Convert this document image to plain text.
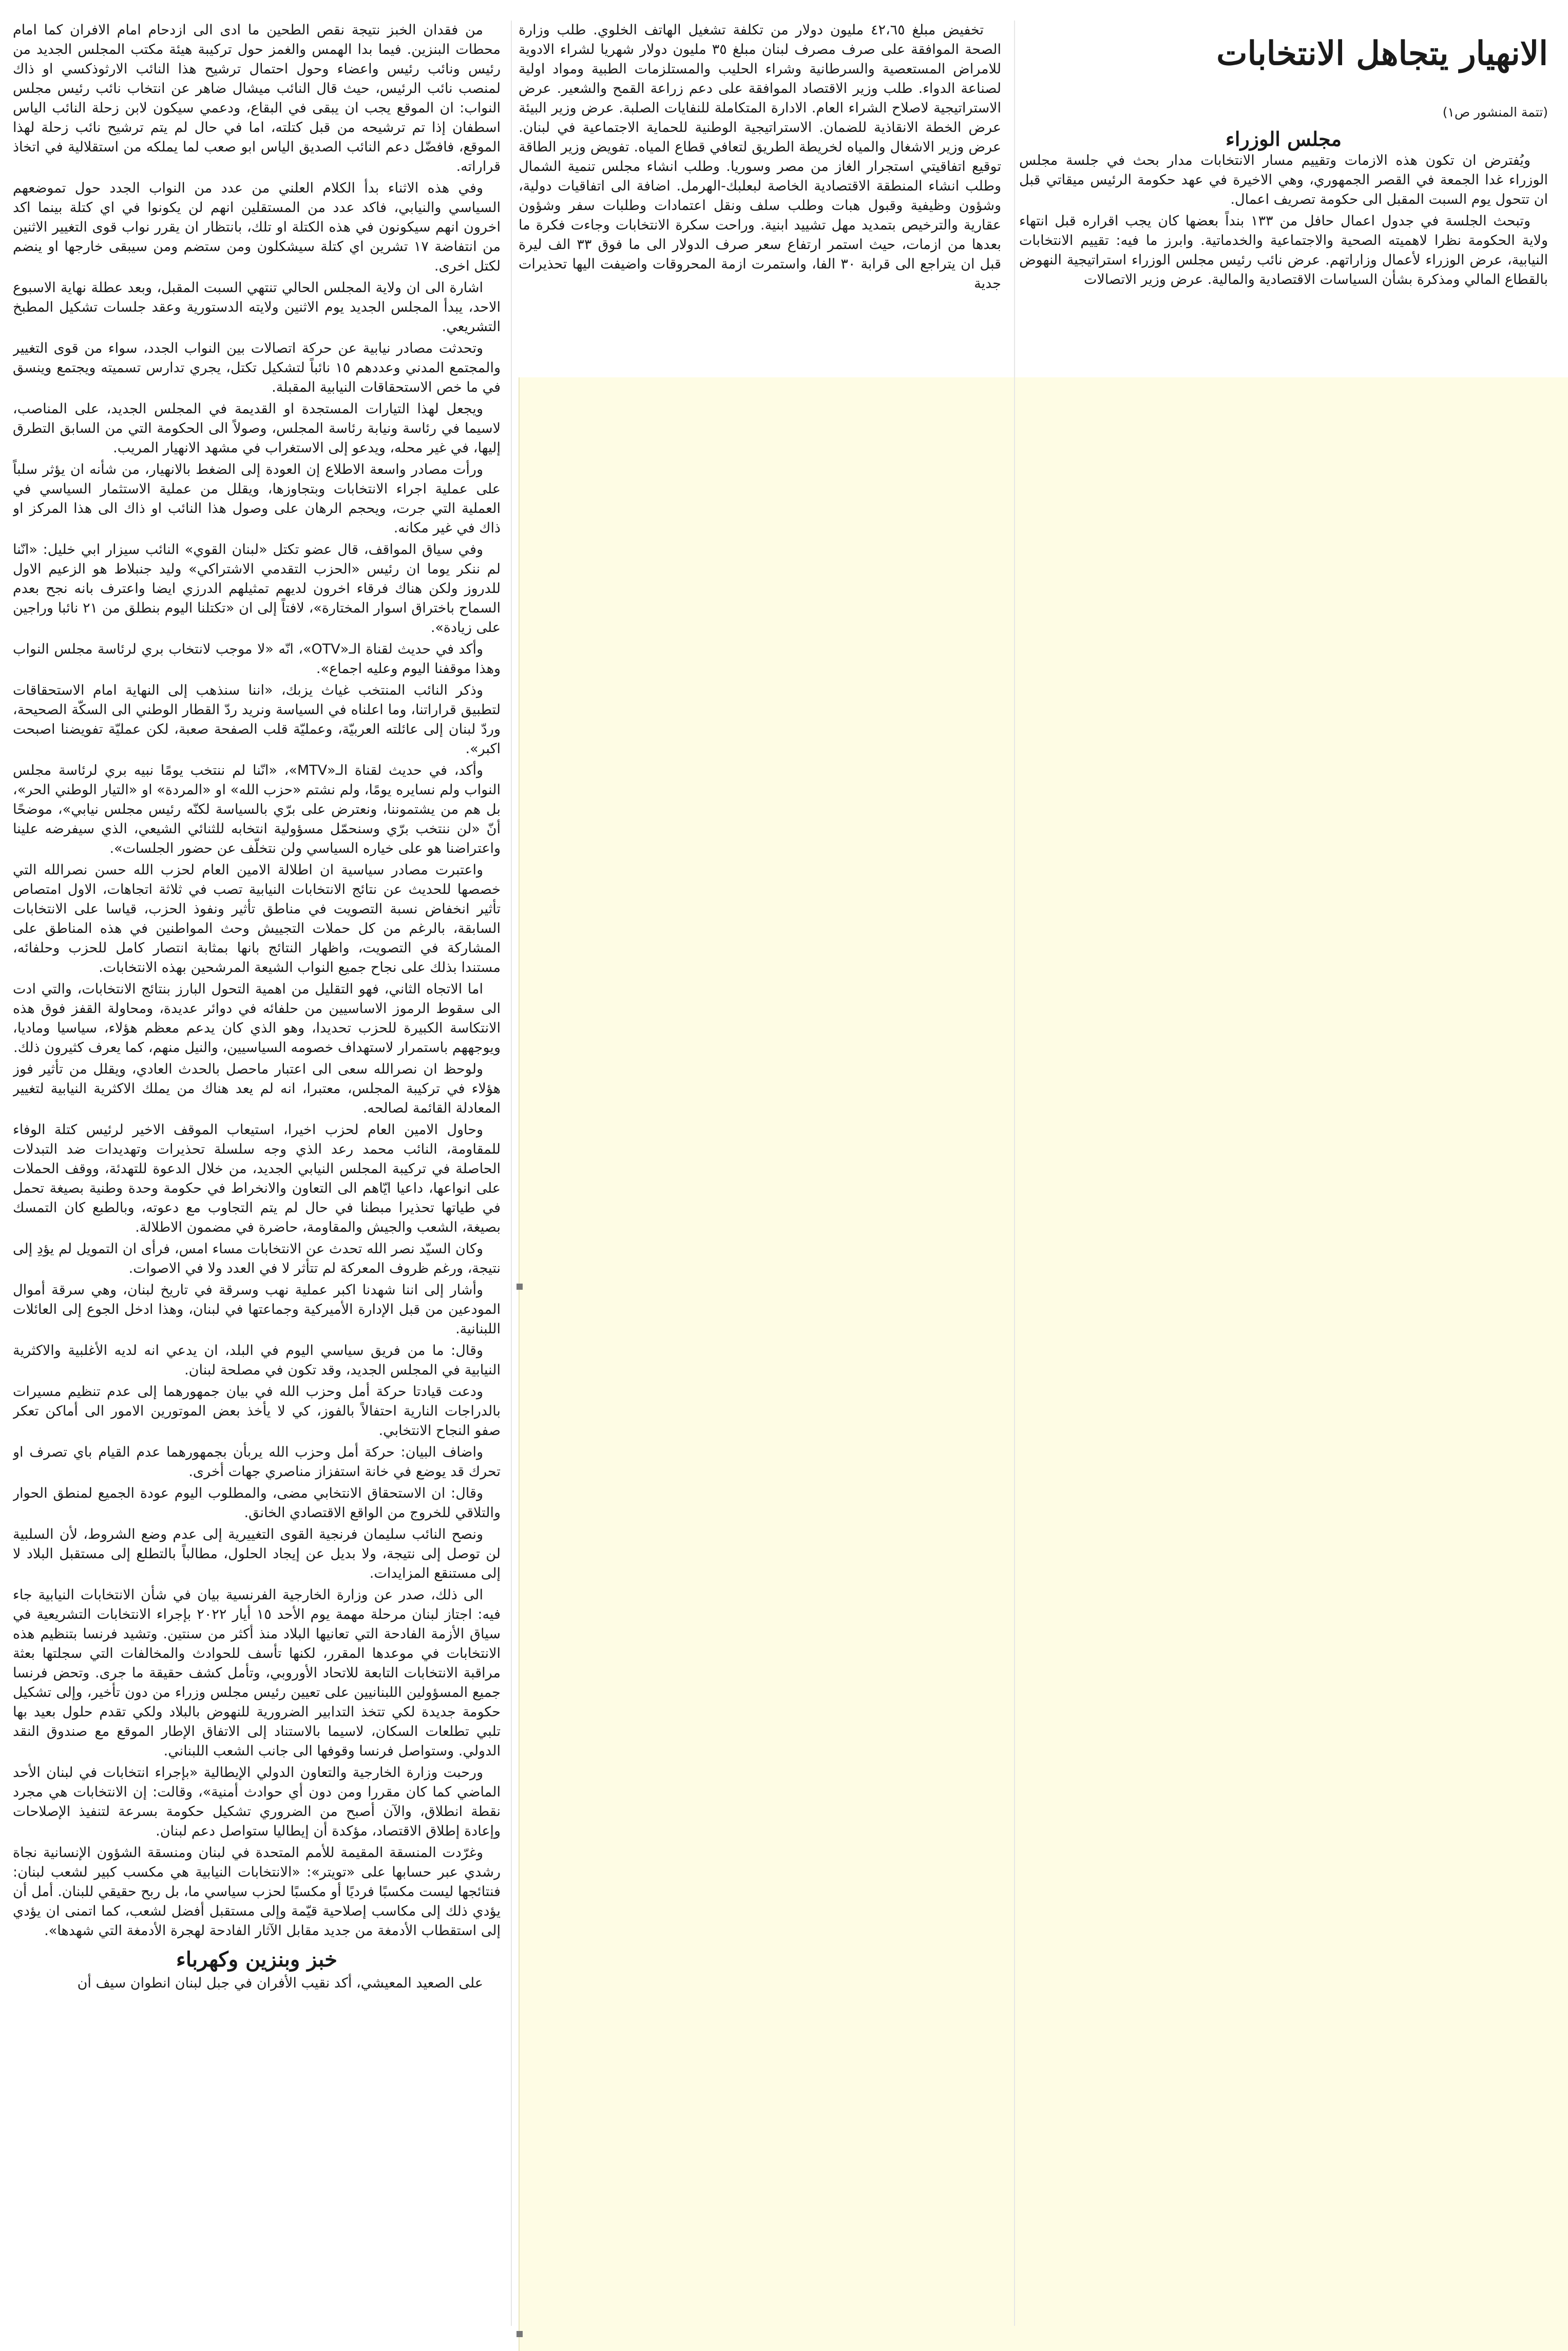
الانهيار يتجاهل الانتخابات
(تتمة المنشور ص١)

مجلس الوزراء

ويُفترض ان تكون هذه الازمات وتقييم مسار الانتخابات مدار بحث في جلسة مجلس الوزراء غدا الجمعة في القصر الجمهوري، وهي الاخيرة في عهد حكومة الرئيس ميقاتي قبل ان تتحول يوم السبت المقبل الى حكومة تصريف اعمال.

وتبحث الجلسة في جدول اعمال حافل من ١٣٣ بنداً بعضها كان يجب اقراره قبل انتهاء ولاية الحكومة نظرا لاهميته الصحية والاجتماعية والخدماتية. وابرز ما فيه: تقييم الانتخابات النيابية، عرض الوزراء لأعمال وزاراتهم. عرض نائب رئيس مجلس الوزراء استراتيجية النهوض بالقطاع المالي ومذكرة بشأن السياسات الاقتصادية والمالية. عرض وزير الاتصالات

تخفيض مبلغ ٤٢،٦٥ مليون دولار من تكلفة تشغيل الهاتف الخلوي. طلب وزارة الصحة الموافقة على صرف مصرف لبنان مبلغ ٣٥ مليون دولار شهريا لشراء الادوية للامراض المستعصية والسرطانية وشراء الحليب والمستلزمات الطبية ومواد اولية لصناعة الدواء. طلب وزير الاقتصاد الموافقة على دعم زراعة القمح والشعير. عرض الاستراتيجية لاصلاح الشراء العام. الادارة المتكاملة للنفايات الصلبة. عرض وزير البيئة عرض الخطة الانقاذية للضمان. الاستراتيجية الوطنية للحماية الاجتماعية في لبنان. عرض وزير الاشغال والمياه لخريطة الطريق لتعافي قطاع المياه. تفويض وزير الطاقة توقيع اتفاقيتي استجرار الغاز من مصر وسوريا. وطلب انشاء مجلس تنمية الشمال وطلب انشاء المنطقة الاقتصادية الخاصة لبعلبك-الهرمل. اضافة الى اتفاقيات دولية، وشؤون وظيفية وقبول هبات وطلب سلف ونقل اعتمادات وطلبات سفر وشؤون عقارية والترخيص بتمديد مهل تشييد ابنية. وراحت سكرة الانتخابات وجاءت فكرة ما بعدها من ازمات، حيث استمر ارتفاع سعر صرف الدولار الى ما فوق ٣٣ الف ليرة قبل ان يتراجع الى قرابة ٣٠ الفا، واستمرت ازمة المحروقات واضيفت اليها تحذيرات جدية

من فقدان الخبز نتيجة نقص الطحين ما ادى الى ازدحام امام الافران كما امام محطات البنزين. فيما بدا الهمس والغمز حول تركيبة هيئة مكتب المجلس الجديد من رئيس ونائب رئيس واعضاء وحول احتمال ترشيح هذا النائب الارثوذكسي او ذاك لمنصب نائب الرئيس، حيث قال النائب ميشال ضاهر عن انتخاب نائب رئيس مجلس النواب: ان الموقع يجب ان يبقى في البقاع، ودعمي سيكون لابن زحلة النائب الياس اسطفان إذا تم ترشيحه من قبل كتلته، اما في حال لم يتم ترشيح نائب زحلة لهذا الموقع، فافضّل دعم النائب الصديق الياس ابو صعب لما يملكه من استقلالية في اتخاذ قراراته.

وفي هذه الاثناء بدأ الكلام العلني من عدد من النواب الجدد حول تموضعهم السياسي والنيابي، فاكد عدد من المستقلين انهم لن يكونوا في اي كتلة بينما اكد اخرون انهم سيكونون في هذه الكتلة او تلك، بانتظار ان يقرر نواب قوى التغيير الاثنين من انتفاضة ١٧ تشرين اي كتلة سيشكلون ومن ستضم ومن سيبقى خارجها او ينضم لكتل اخرى.

اشارة الى ان ولاية المجلس الحالي تنتهي السبت المقبل، وبعد عطلة نهاية الاسبوع الاحد، يبدأ المجلس الجديد يوم الاثنين ولايته الدستورية وعقد جلسات تشكيل المطبخ التشريعي.

وتحدثت مصادر نيابية عن حركة اتصالات بين النواب الجدد، سواء من قوى التغيير والمجتمع المدني وعددهم ١٥ نائباً لتشكيل تكتل، يجري تدارس تسميته ويجتمع وينسق في ما خص الاستحقاقات النيابية المقبلة.

ويجعل لهذا التيارات المستجدة او القديمة في المجلس الجديد، على المناصب، لاسيما في رئاسة ونيابة رئاسة المجلس، وصولاً الى الحكومة التي من السابق التطرق إليها، في غير محله، ويدعو إلى الاستغراب في مشهد الانهيار المريب.

ورأت مصادر واسعة الاطلاع إن العودة إلى الضغط بالانهيار، من شأنه ان يؤثر سلباً على عملية اجراء الانتخابات وبتجاوزها، ويقلل من عملية الاستثمار السياسي في العملية التي جرت، ويحجم الرهان على وصول هذا النائب او ذاك الى هذا المركز او ذاك في غير مكانه.

وفي سياق المواقف، قال عضو تكتل «لبنان القوي» النائب سيزار ابي خليل: «انّنا لم ننكر يوما ان رئيس «الحزب التقدمي الاشتراكي» وليد جنبلاط هو الزعيم الاول للدروز ولكن هناك فرقاء اخرون لديهم تمثيلهم الدرزي ايضا واعترف بانه نجح بعدم السماح باختراق اسوار المختارة»، لافتاً إلى ان «تكتلنا اليوم بنطلق من ٢١ نائبا وراجين على زيادة».

وأكد في حديث لقناة الـ«OTV»، انّه «لا موجب لانتخاب بري لرئاسة مجلس النواب وهذا موقفنا اليوم وعليه اجماع».

وذكر النائب المنتخب غياث يزبك، «اننا سنذهب إلى النهاية امام الاستحقاقات لتطبيق قراراتنا، وما اعلناه في السياسة ونريد ردّ القطار الوطني الى السكّة الصحيحة، وردّ لبنان إلى عائلته العربيّة، وعمليّة قلب الصفحة صعبة، لكن عمليّة تفويضنا اصبحت اكبر».

وأكد، في حديث لقناة الـ«MTV»، «انّنا لم ننتخب يومًا نبيه بري لرئاسة مجلس النواب ولم نسايره يومًا، ولم نشتم «حزب الله» او «المردة» او «التيار الوطني الحر»، بل هم من يشتموننا، ونعترض على برّي بالسياسة لكنّه رئيس مجلس نيابي»، موضحًا أنّ «لن ننتخب برّي وسنحمّل مسؤولية انتخابه للثنائي الشيعي، الذي سيفرضه علينا واعتراضنا هو على خياره السياسي ولن نتخلّف عن حضور الجلسات».

واعتبرت مصادر سياسية ان اطلالة الامين العام لحزب الله حسن نصرالله التي خصصها للحديث عن نتائج الانتخابات النيابية تصب في ثلاثة اتجاهات، الاول امتصاص تأثير انخفاض نسبة التصويت في مناطق تأثير ونفوذ الحزب، قياسا على الانتخابات السابقة، بالرغم من كل حملات التجييش وحث المواطنين في هذه المناطق على المشاركة في التصويت، واظهار النتائج بانها بمثابة انتصار كامل للحزب وحلفائه، مستندا بذلك على نجاح جميع النواب الشيعة المرشحين بهذه الانتخابات.

اما الاتجاه الثاني، فهو التقليل من اهمية التحول البارز بنتائج الانتخابات، والتي ادت الى سقوط الرموز الاساسيين من حلفائه في دوائر عديدة، ومحاولة القفز فوق هذه الانتكاسة الكبيرة للحزب تحديدا، وهو الذي كان يدعم معظم هؤلاء، سياسيا وماديا، ويوجههم باستمرار لاستهداف خصومه السياسيين، والنيل منهم، كما يعرف كثيرون ذلك.

ولوحظ ان نصرالله سعى الى اعتبار ماحصل بالحدث العادي، ويقلل من تأثير فوز هؤلاء في تركيبة المجلس، معتبرا، انه لم يعد هناك من يملك الاكثرية النيابية لتغيير المعادلة القائمة لصالحه.

وحاول الامين العام لحزب اخيرا، استيعاب الموقف الاخير لرئيس كتلة الوفاء للمقاومة، النائب محمد رعد الذي وجه سلسلة تحذيرات وتهديدات ضد التبدلات الحاصلة في تركيبة المجلس النيابي الجديد، من خلال الدعوة للتهدئة، ووقف الحملات على انواعها، داعيا ايّاهم الى التعاون والانخراط في حكومة وحدة وطنية بصيغة تحمل في طياتها تحذيرا مبطنا في حال لم يتم التجاوب مع دعوته، وبالطبع كان التمسك بصيغة، الشعب والجيش والمقاومة، حاضرة في مضمون الاطلالة.

وكان السيّد نصر الله تحدث عن الانتخابات مساء امس، فرأى ان التمويل لم يؤدِ إلى نتيجة، ورغم ظروف المعركة لم تتأثر لا في العدد ولا في الاصوات.

وأشار إلى اننا شهدنا اكبر عملية نهب وسرقة في تاريخ لبنان، وهي سرقة أموال المودعين من قبل الإدارة الأميركية وجماعتها في لبنان، وهذا ادخل الجوع إلى العائلات اللبنانية.

وقال: ما من فريق سياسي اليوم في البلد، ان يدعي انه لديه الأغلبية والاكثرية النيابية في المجلس الجديد، وقد تكون في مصلحة لبنان.

ودعت قيادتا حركة أمل وحزب الله في بيان جمهورهما إلى عدم تنظيم مسيرات بالدراجات النارية احتفالاً بالفوز، كي لا يأخذ بعض الموتورين الامور الى أماكن تعكر صفو النجاح الانتخابي.

واضاف البيان: حركة أمل وحزب الله يربأن بجمهورهما عدم القيام باي تصرف او تحرك قد يوضع في خانة استفزاز مناصري جهات أخرى.

وقال: ان الاستحقاق الانتخابي مضى، والمطلوب اليوم عودة الجميع لمنطق الحوار والتلاقي للخروج من الواقع الاقتصادي الخانق.

ونصح النائب سليمان فرنجية القوى التغييرية إلى عدم وضع الشروط، لأن السلبية لن توصل إلى نتيجة، ولا بديل عن إيجاد الحلول، مطالباً بالتطلع إلى مستقبل البلاد لا إلى مستنقع المزايدات.

الى ذلك، صدر عن وزارة الخارجية الفرنسية بيان في شأن الانتخابات النيابية جاء فيه: اجتاز لبنان مرحلة مهمة يوم الأحد ١٥ أيار ٢٠٢٢ بإجراء الانتخابات التشريعية في سياق الأزمة الفادحة التي تعانيها البلاد منذ أكثر من سنتين. وتشيد فرنسا بتنظيم هذه الانتخابات في موعدها المقرر، لكنها تأسف للحوادث والمخالفات التي سجلتها بعثة مراقبة الانتخابات التابعة للاتحاد الأوروبي، وتأمل كشف حقيقة ما جرى. وتحض فرنسا جميع المسؤولين اللبنانيين على تعيين رئيس مجلس وزراء من دون تأخير، وإلى تشكيل حكومة جديدة لكي تتخذ التدابير الضرورية للنهوض بالبلاد ولكي تقدم حلول بعيد بها تلبي تطلعات السكان، لاسيما بالاستناد إلى الاتفاق الإطار الموقع مع صندوق النقد الدولي. وستواصل فرنسا وقوفها الى جانب الشعب اللبناني.

ورحبت وزارة الخارجية والتعاون الدولي الإيطالية «بإجراء انتخابات في لبنان الأحد الماضي كما كان مقررا ومن دون أي حوادث أمنية»، وقالت: إن الانتخابات هي مجرد نقطة انطلاق، والآن أصبح من الضروري تشكيل حكومة بسرعة لتنفيذ الإصلاحات وإعادة إطلاق الاقتصاد، مؤكدة أن إيطاليا ستواصل دعم لبنان.

وغرّدت المنسقة المقيمة للأمم المتحدة في لبنان ومنسقة الشؤون الإنسانية نجاة رشدي عبر حسابها على «تويتر»: «الانتخابات النيابية هي مكسب كبير لشعب لبنان: فنتائجها ليست مكسبًا فرديًا أو مكسبًا لحزب سياسي ما، بل ربح حقيقي للبنان. أمل أن يؤدي ذلك إلى مكاسب إصلاحية قيّمة وإلى مستقبل أفضل لشعب، كما اتمنى ان يؤدي إلى استقطاب الأدمغة من جديد مقابل الآثار الفادحة لهجرة الأدمغة التي شهدها».

خبز وبنزين وكهرباء

على الصعيد المعيشي، أكد نقيب الأفران في جبل لبنان انطوان سيف أن
